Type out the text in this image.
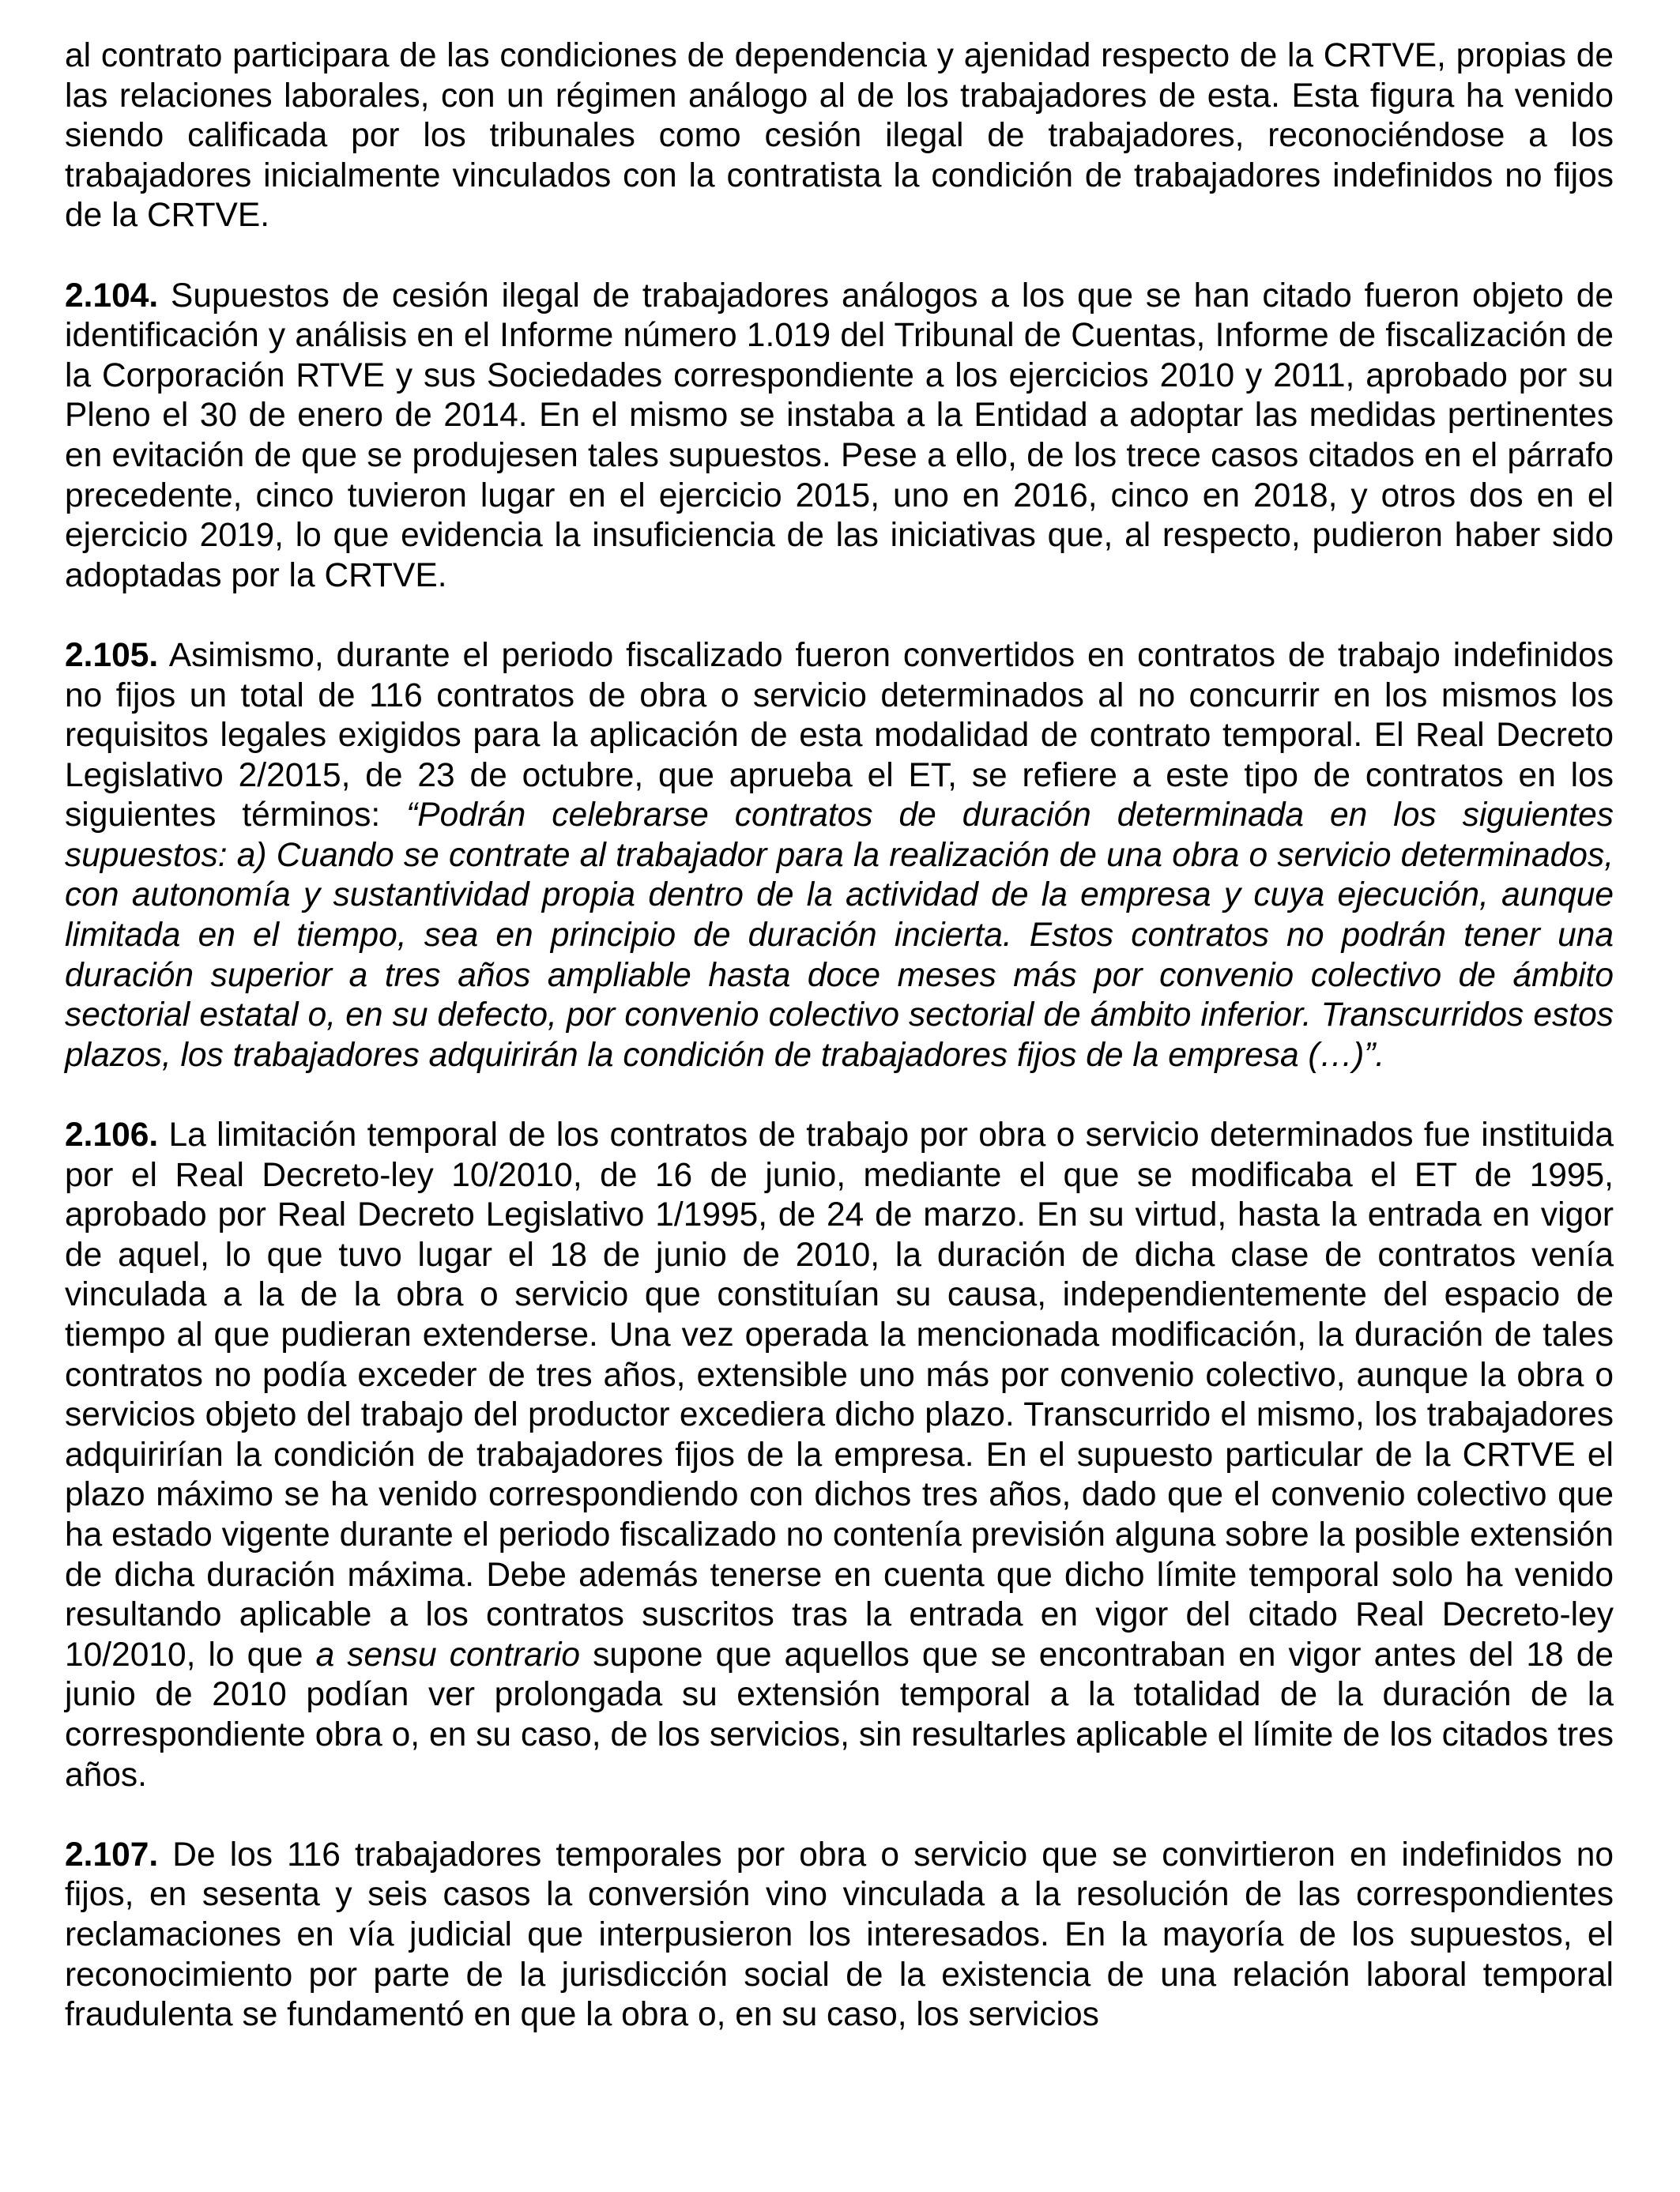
al contrato participara de las condiciones de dependencia y ajenidad respecto de la CRTVE, propias de las relaciones laborales, con un régimen análogo al de los trabajadores de esta. Esta figura ha venido siendo calificada por los tribunales como cesión ilegal de trabajadores, reconociéndose a los trabajadores inicialmente vinculados con la contratista la condición de trabajadores indefinidos no fijos de la CRTVE.

2.104. Supuestos de cesión ilegal de trabajadores análogos a los que se han citado fueron objeto de identificación y análisis en el Informe número 1.019 del Tribunal de Cuentas, Informe de fiscalización de la Corporación RTVE y sus Sociedades correspondiente a los ejercicios 2010 y 2011, aprobado por su Pleno el 30 de enero de 2014. En el mismo se instaba a la Entidad a adoptar las medidas pertinentes en evitación de que se produjesen tales supuestos. Pese a ello, de los trece casos citados en el párrafo precedente, cinco tuvieron lugar en el ejercicio 2015, uno en 2016, cinco en 2018, y otros dos en el ejercicio 2019, lo que evidencia la insuficiencia de las iniciativas que, al respecto, pudieron haber sido adoptadas por la CRTVE.

2.105. Asimismo, durante el periodo fiscalizado fueron convertidos en contratos de trabajo indefinidos no fijos un total de 116 contratos de obra o servicio determinados al no concurrir en los mismos los requisitos legales exigidos para la aplicación de esta modalidad de contrato temporal. El Real Decreto Legislativo 2/2015, de 23 de octubre, que aprueba el ET, se refiere a este tipo de contratos en los siguientes términos: “Podrán celebrarse contratos de duración determinada en los siguientes supuestos: a) Cuando se contrate al trabajador para la realización de una obra o servicio determinados, con autonomía y sustantividad propia dentro de la actividad de la empresa y cuya ejecución, aunque limitada en el tiempo, sea en principio de duración incierta. Estos contratos no podrán tener una duración superior a tres años ampliable hasta doce meses más por convenio colectivo de ámbito sectorial estatal o, en su defecto, por convenio colectivo sectorial de ámbito inferior. Transcurridos estos plazos, los trabajadores adquirirán la condición de trabajadores fijos de la empresa (…)”.

2.106. La limitación temporal de los contratos de trabajo por obra o servicio determinados fue instituida por el Real Decreto-ley 10/2010, de 16 de junio, mediante el que se modificaba el ET de 1995, aprobado por Real Decreto Legislativo 1/1995, de 24 de marzo. En su virtud, hasta la entrada en vigor de aquel, lo que tuvo lugar el 18 de junio de 2010, la duración de dicha clase de contratos venía vinculada a la de la obra o servicio que constituían su causa, independientemente del espacio de tiempo al que pudieran extenderse. Una vez operada la mencionada modificación, la duración de tales contratos no podía exceder de tres años, extensible uno más por convenio colectivo, aunque la obra o servicios objeto del trabajo del productor excediera dicho plazo. Transcurrido el mismo, los trabajadores adquirirían la condición de trabajadores fijos de la empresa. En el supuesto particular de la CRTVE el plazo máximo se ha venido correspondiendo con dichos tres años, dado que el convenio colectivo que ha estado vigente durante el periodo fiscalizado no contenía previsión alguna sobre la posible extensión de dicha duración máxima. Debe además tenerse en cuenta que dicho límite temporal solo ha venido resultando aplicable a los contratos suscritos tras la entrada en vigor del citado Real Decreto-ley 10/2010, lo que a sensu contrario supone que aquellos que se encontraban en vigor antes del 18 de junio de 2010 podían ver prolongada su extensión temporal a la totalidad de la duración de la correspondiente obra o, en su caso, de los servicios, sin resultarles aplicable el límite de los citados tres años.

2.107. De los 116 trabajadores temporales por obra o servicio que se convirtieron en indefinidos no fijos, en sesenta y seis casos la conversión vino vinculada a la resolución de las correspondientes reclamaciones en vía judicial que interpusieron los interesados. En la mayoría de los supuestos, el reconocimiento por parte de la jurisdicción social de la existencia de una relación laboral temporal fraudulenta se fundamentó en que la obra o, en su caso, los servicios
